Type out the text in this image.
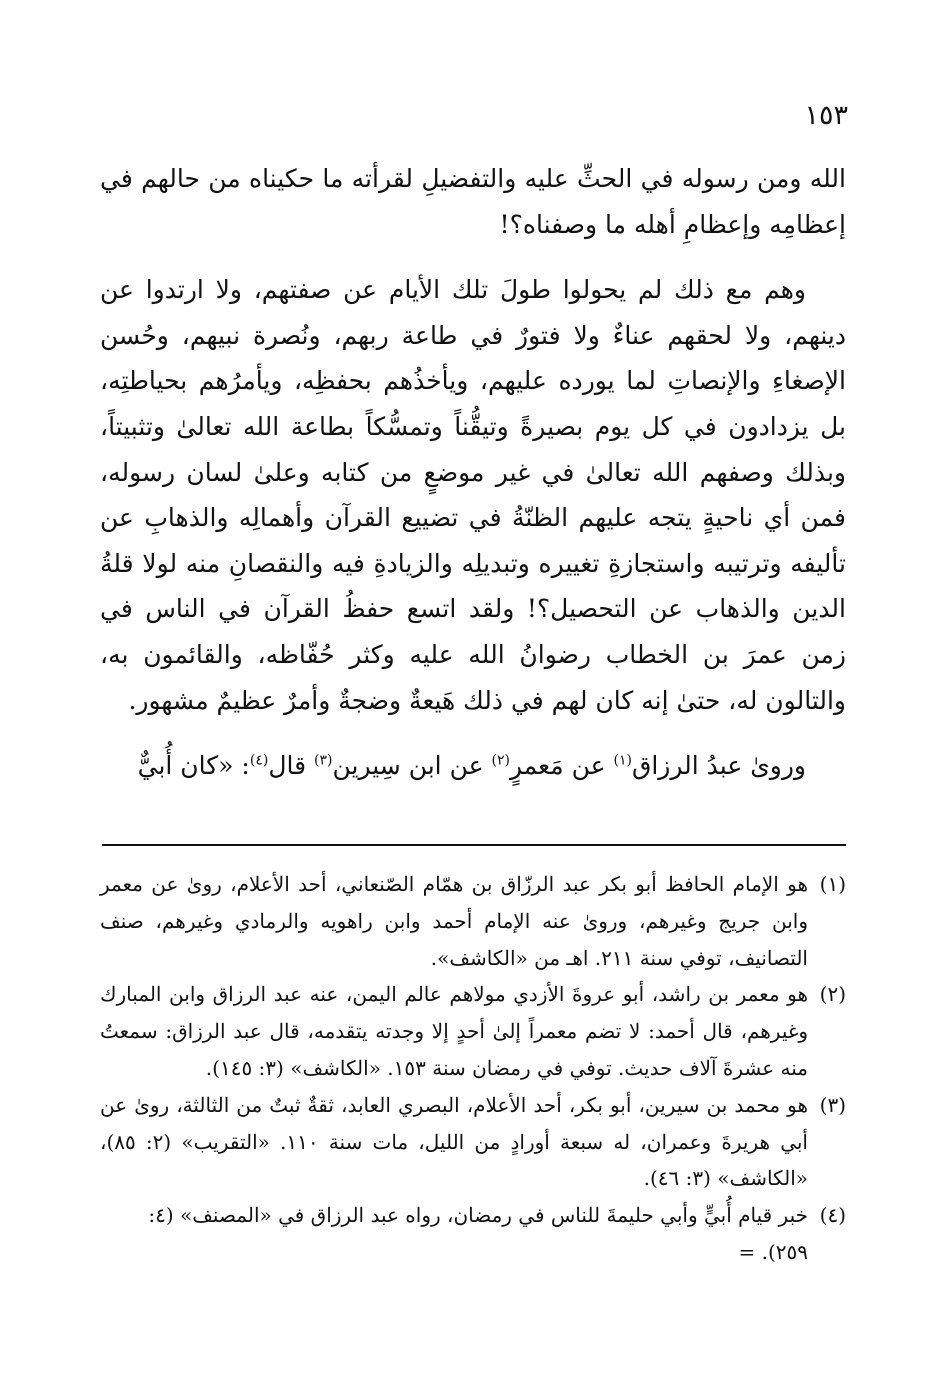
١٥٣

الله ومن رسوله في الحثِّ عليه والتفضيلِ لقرأته ما حكيناه من حالهم في إعظامِه وإعظامِ أهله ما وصفناه؟!

وهم مع ذلك لم يحولوا طولَ تلك الأيام عن صفتهم، ولا ارتدوا عن دينهم، ولا لحقهم عناءٌ ولا فتورٌ في طاعة ربهم، ونُصرة نبيهم، وحُسن الإصغاءِ والإنصاتِ لما يورده عليهم، ويأخذُهم بحفظِه، ويأمرُهم بحياطتِه، بل يزدادون في كل يوم بصيرةً وتيقُّناً وتمسُّكاً بطاعة الله تعالىٰ وتثبيتاً، وبذلك وصفهم الله تعالىٰ في غير موضعٍ من كتابه وعلىٰ لسان رسوله، فمن أي ناحيةٍ يتجه عليهم الظنّةُ في تضييع القرآن وأهمالِه والذهابِ عن تأليفه وترتيبه واستجازةِ تغييره وتبديلِه والزيادةِ فيه والنقصانِ منه لولا قلةُ الدين والذهاب عن التحصيل؟! ولقد اتسع حفظُ القرآن في الناس في زمن عمرَ بن الخطاب رضوانُ الله عليه وكثر حُفّاظه، والقائمون به، والتالون له، حتىٰ إنه كان لهم في ذلك هَيعةٌ وضجةٌ وأمرٌ عظيمٌ مشهور.

وروىٰ عبدُ الرزاق$^{(١)}$ عن مَعمرٍ$^{(٢)}$ عن ابن سِيرين$^{(٣)}$ قال$^{(٤)}$: «كان أُبيٌّ

(١)
هو الإمام الحافظ أبو بكر عبد الرزّاق بن همّام الصّنعاني، أحد الأعلام، روىٰ عن معمر وابن جريج وغيرهم، وروىٰ عنه الإمام أحمد وابن راهويه والرمادي وغيرهم، صنف التصانيف، توفي سنة ٢١١. اهـ من «الكاشف».
(٢)
هو معمر بن راشد، أبو عروةَ الأزدي مولاهم عالم اليمن، عنه عبد الرزاق وابن المبارك وغيرهم، قال أحمد: لا تضم معمراً إلىٰ أحدٍ إلا وجدته يتقدمه، قال عبد الرزاق: سمعتُ منه عشرةَ آلاف حديث. توفي في رمضان سنة ١٥٣. «الكاشف» (٣: ١٤٥).
(٣)
هو محمد بن سيرين، أبو بكر، أحد الأعلام، البصري العابد، ثقةٌ ثبتٌ من الثالثة، روىٰ عن أبي هريرةَ وعمران، له سبعة أورادٍ من الليل، مات سنة ١١٠. «التقريب» (٢: ٨٥)، «الكاشف» (٣: ٤٦).
(٤)
خبر قيام أُبيٍّ وأبي حليمةَ للناس في رمضان، رواه عبد الرزاق في «المصنف» (٤: ٢٥٩). =
